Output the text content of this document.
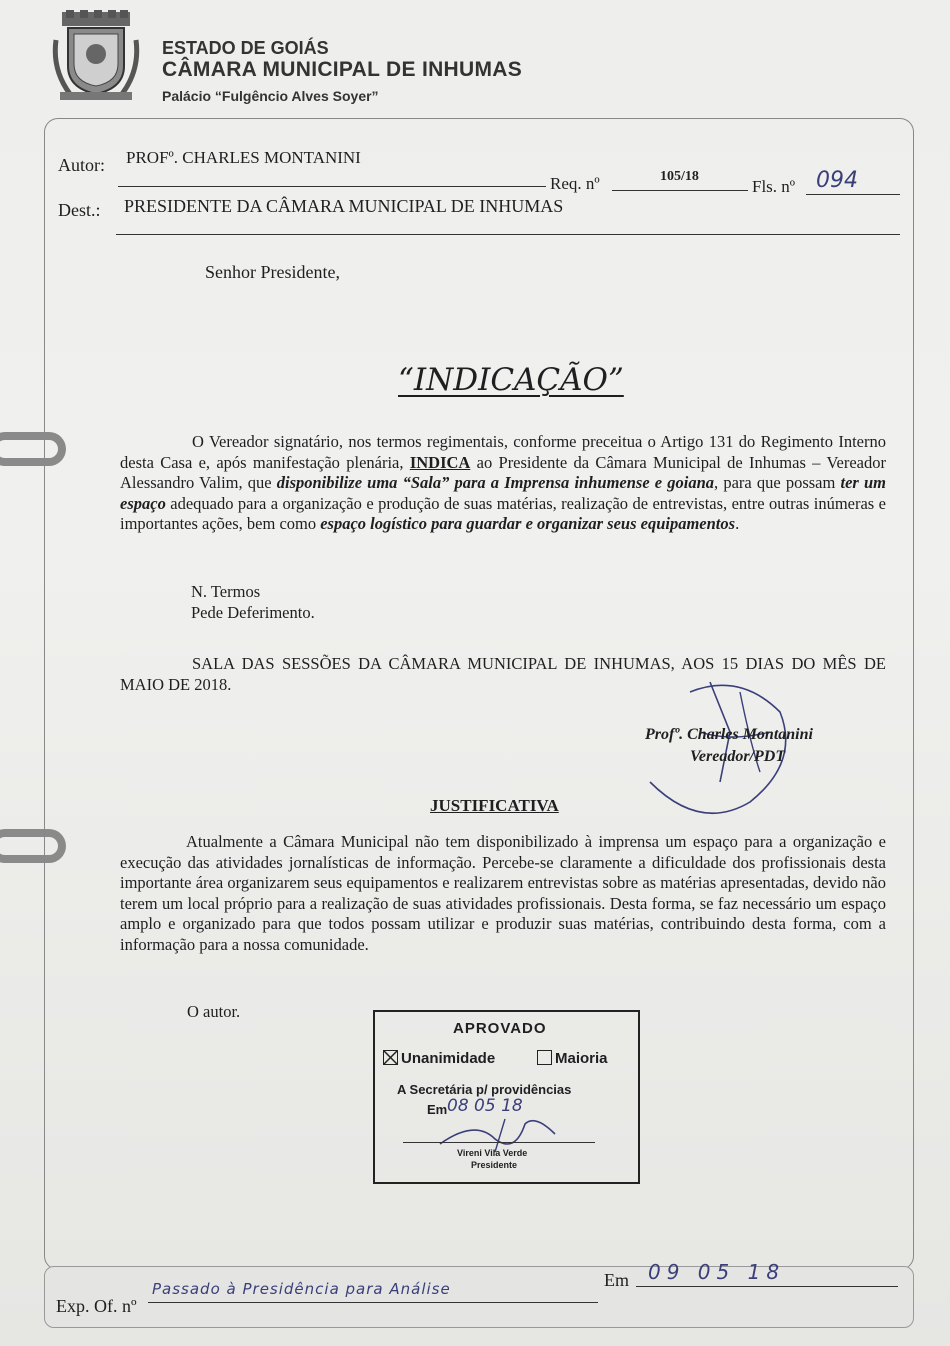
ESTADO DE GOIÁS
CÂMARA MUNICIPAL DE INHUMAS
Palácio “Fulgêncio Alves Soyer”
Autor: PROFº. CHARLES MONTANINI
Req. nº	105/18
Fls. nº 094
Dest.: PRESIDENTE DA CÂMARA MUNICIPAL DE INHUMAS
Senhor Presidente,
“INDICAÇÃO”
O Vereador signatário, nos termos regimentais, conforme preceitua o Artigo 131 do Regimento Interno desta Casa e, após manifestação plenária, INDICA ao Presidente da Câmara Municipal de Inhumas – Vereador Alessandro Valim, que disponibilize uma “Sala” para a Imprensa inhumense e goiana, para que possam ter um espaço adequado para a organização e produção de suas matérias, realização de entrevistas, entre outras inúmeras e importantes ações, bem como espaço logístico para guardar e organizar seus equipamentos.
N. Termos
Pede Deferimento.
SALA DAS SESSÕES DA CÂMARA MUNICIPAL DE INHUMAS, AOS 15 DIAS DO MÊS DE MAIO DE 2018.
Profº. Charles Montanini
Vereador/PDT
JUSTIFICATIVA
Atualmente a Câmara Municipal não tem disponibilizado à imprensa um espaço para a organização e execução das atividades jornalísticas de informação. Percebe-se claramente a dificuldade dos profissionais desta importante área organizarem seus equipamentos e realizarem entrevistas sobre as matérias apresentadas, devido não terem um local próprio para a realização de suas atividades profissionais. Desta forma, se faz necessário um espaço amplo e organizado para que todos possam utilizar e produzir suas matérias, contribuindo desta forma, com a informação para a nossa comunidade.
O autor.
APROVADO
Unanimidade	Maioria
A Secretária p/ providências
Em 08 05 18
Vireni Vila Verde
Presidente
Exp. Of. nº
Passado à Presidência para Análise	Em 09 05 18
